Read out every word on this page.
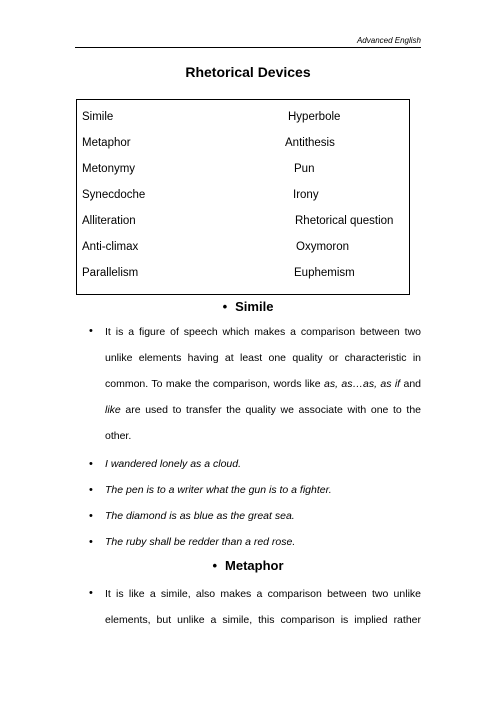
Advanced English
Rhetorical Devices
Simile	Hyperbole
Metaphor	Antithesis
Metonymy	Pun
Synecdoche	Irony
Alliteration	Rhetorical question
Anti-climax	Oxymoron
Parallelism	Euphemism
• Simile
• It is a figure of speech which makes a comparison between two
unlike elements having at least one quality or characteristic in
common. To make the comparison, words like as, as…as, as if and
like are used to transfer the quality we associate with one to the
other.
• I wandered lonely as a cloud.
• The pen is to a writer what the gun is to a fighter.
• The diamond is as blue as the great sea.
• The ruby shall be redder than a red rose.
• Metaphor
• It is like a simile, also makes a comparison between two unlike
elements, but unlike a simile, this comparison is implied rather
